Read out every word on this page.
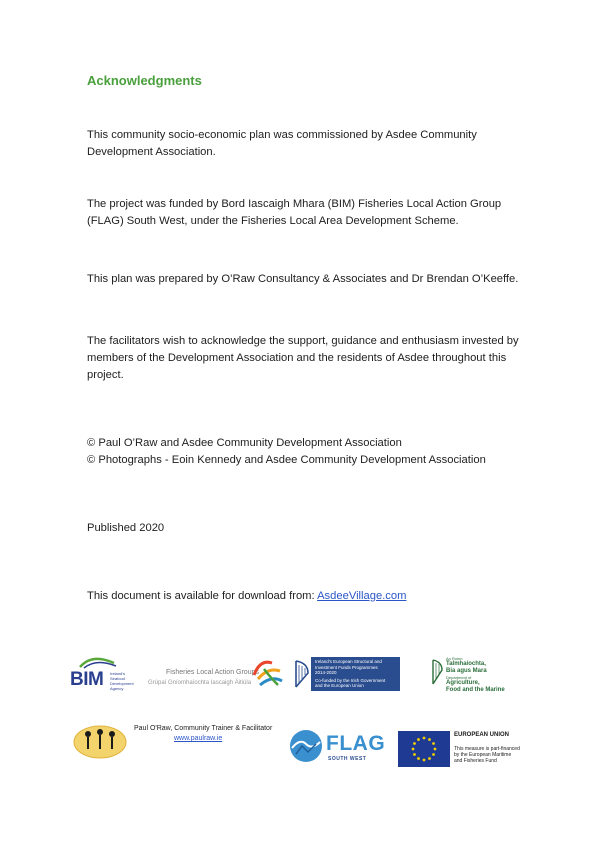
Acknowledgments
This community socio-economic plan was commissioned by Asdee Community Development Association.
The project was funded by Bord Iascaigh Mhara (BIM) Fisheries Local Action Group (FLAG) South West, under the Fisheries Local Area Development Scheme.
This plan was prepared by O’Raw Consultancy & Associates and Dr Brendan O’Keeffe.
The facilitators wish to acknowledge the support, guidance and enthusiasm invested by members of the Development Association and the residents of Asdee throughout this project.
© Paul O’Raw and Asdee Community Development Association
© Photographs - Eoin Kennedy and Asdee Community Development Association
Published 2020
This document is available for download from: AsdeeVillage.com
BIM Ireland's
Seafood
Development
Agency
Fisheries Local Action Groups
Grúpaí Gníomhaíochta Iascaigh Áitiúla
Ireland's European Structural and
Investment Funds Programmes
2014-2020
Co-funded by the Irish Government
and the European Union
An Roinn
Talmhaíochta,
Bia agus Mara
Department of
Agriculture,
Food and the Marine
Paul O'Raw, Community Trainer & Facilitator
www.paulraw.ie	FLAG
SOUTH WEST
EUROPEAN UNION
This measure is part-financed
by the European Maritime
and Fisheries Fund
